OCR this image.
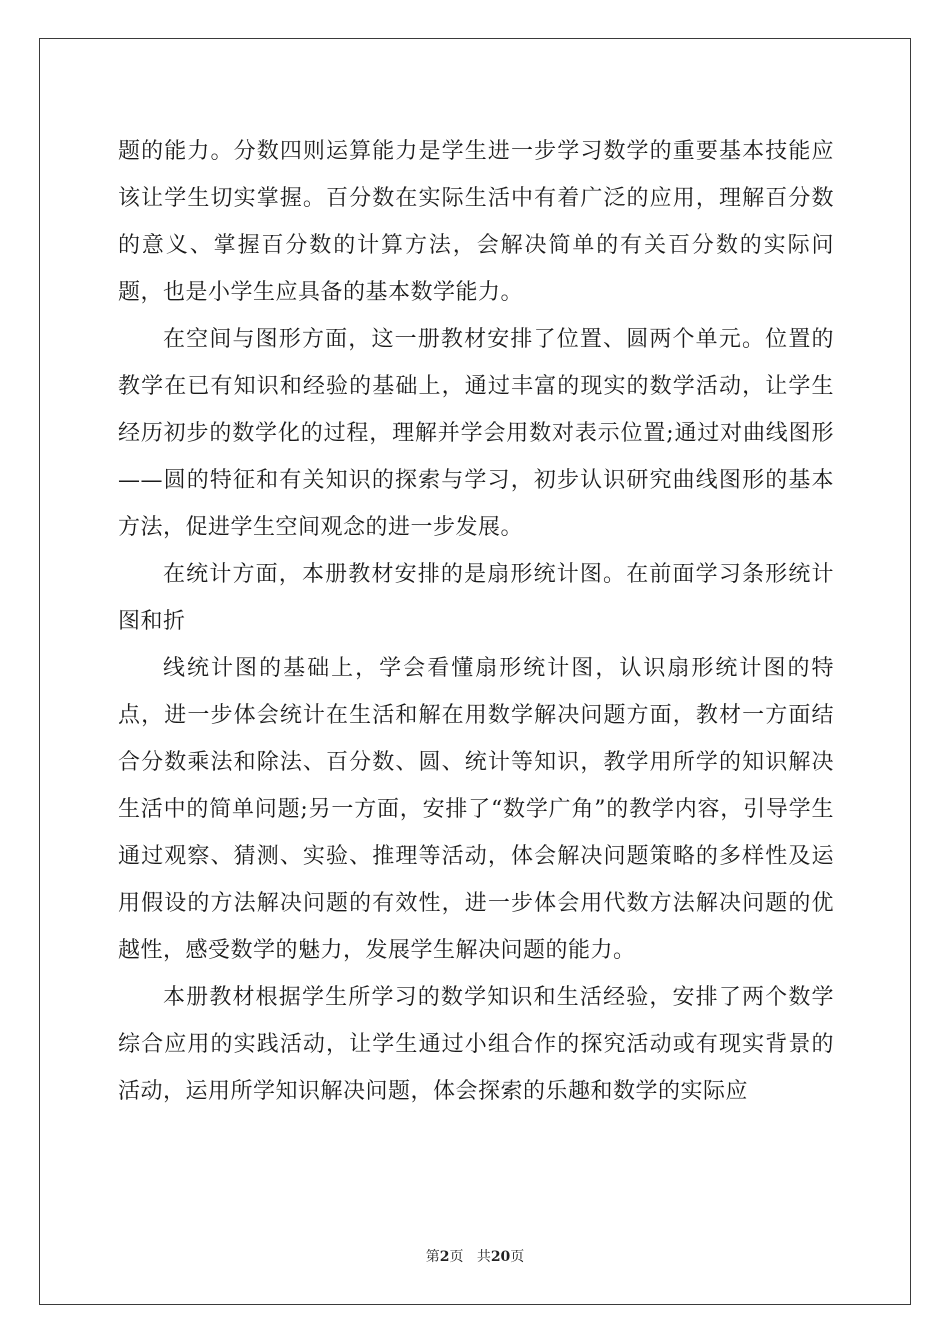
题的能力。分数四则运算能力是学生进一步学习数学的重要基本技能应该让学生切实掌握。百分数在实际生活中有着广泛的应用，理解百分数的意义、掌握百分数的计算方法，会解决简单的有关百分数的实际问题，也是小学生应具备的基本数学能力。

在空间与图形方面，这一册教材安排了位置、圆两个单元。位置的教学在已有知识和经验的基础上，通过丰富的现实的数学活动，让学生经历初步的数学化的过程，理解并学会用数对表示位置;通过对曲线图形——圆的特征和有关知识的探索与学习，初步认识研究曲线图形的基本方法，促进学生空间观念的进一步发展。

在统计方面，本册教材安排的是扇形统计图。在前面学习条形统计图和折

线统计图的基础上，学会看懂扇形统计图，认识扇形统计图的特点，进一步体会统计在生活和解在用数学解决问题方面，教材一方面结合分数乘法和除法、百分数、圆、统计等知识，教学用所学的知识解决生活中的简单问题;另一方面，安排了“数学广角”的教学内容，引导学生通过观察、猜测、实验、推理等活动，体会解决问题策略的多样性及运用假设的方法解决问题的有效性，进一步体会用代数方法解决问题的优越性，感受数学的魅力，发展学生解决问题的能力。

本册教材根据学生所学习的数学知识和生活经验，安排了两个数学综合应用的实践活动，让学生通过小组合作的探究活动或有现实背景的活动，运用所学知识解决问题，体会探索的乐趣和数学的实际应

第2页 共20页
